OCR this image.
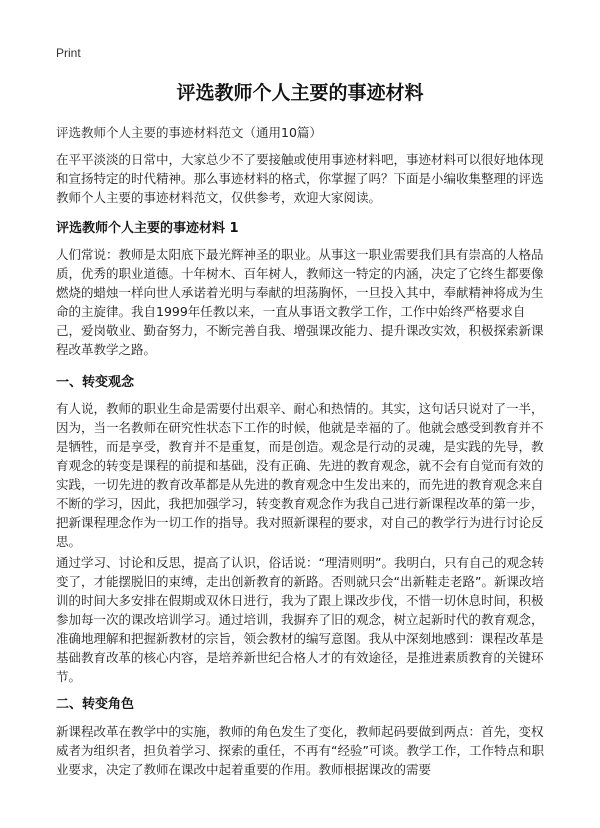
Print
评选教师个人主要的事迹材料
评选教师个人主要的事迹材料范文（通用10篇）

在平平淡淡的日常中，大家总少不了要接触或使用事迹材料吧，事迹材料可以很好地体现和宣扬特定的时代精神。那么事迹材料的格式，你掌握了吗？下面是小编收集整理的评选教师个人主要的事迹材料范文，仅供参考，欢迎大家阅读。

评选教师个人主要的事迹材料 1

人们常说：教师是太阳底下最光辉神圣的职业。从事这一职业需要我们具有崇高的人格品质，优秀的职业道德。十年树木、百年树人，教师这一特定的内涵，决定了它终生都要像燃烧的蜡烛一样向世人承诺着光明与奉献的坦荡胸怀，一旦投入其中，奉献精神将成为生命的主旋律。我自1999年任教以来，一直从事语文教学工作，工作中始终严格要求自己，爱岗敬业、勤奋努力，不断完善自我、增强课改能力、提升课改实效，积极探索新课程改革教学之路。

一、转变观念

有人说，教师的职业生命是需要付出艰辛、耐心和热情的。其实，这句话只说对了一半，因为，当一名教师在研究性状态下工作的时候，他就是幸福的了。他就会感受到教育并不是牺牲，而是享受，教育并不是重复，而是创造。观念是行动的灵魂，是实践的先导，教育观念的转变是课程的前提和基础，没有正确、先进的教育观念，就不会有自觉而有效的实践，一切先进的教育改革都是从先进的教育观念中生发出来的，而先进的教育观念来自不断的学习，因此，我把加强学习，转变教育观念作为我自己进行新课程改革的第一步，把新课程理念作为一切工作的指导。我对照新课程的要求，对自己的教学行为进行讨论反思。

通过学习、讨论和反思，提高了认识，俗话说：“理清则明”。我明白，只有自己的观念转变了，才能摆脱旧的束缚，走出创新教育的新路。否则就只会“出新鞋走老路”。新课改培训的时间大多安排在假期或双休日进行，我为了跟上课改步伐，不惜一切休息时间，积极参加每一次的课改培训学习。通过培训，我摒弃了旧的观念，树立起新时代的教育观念，准确地理解和把握新教材的宗旨，领会教材的编写意图。我从中深刻地感到：课程改革是基础教育改革的核心内容，是培养新世纪合格人才的有效途径，是推进素质教育的关键环节。

二、转变角色

新课程改革在教学中的实施，教师的角色发生了变化，教师起码要做到两点：首先，变权威者为组织者，担负着学习、探索的重任，不再有“经验”可谈。教学工作，工作特点和职业要求，决定了教师在课改中起着重要的作用。教师根据课改的需要
